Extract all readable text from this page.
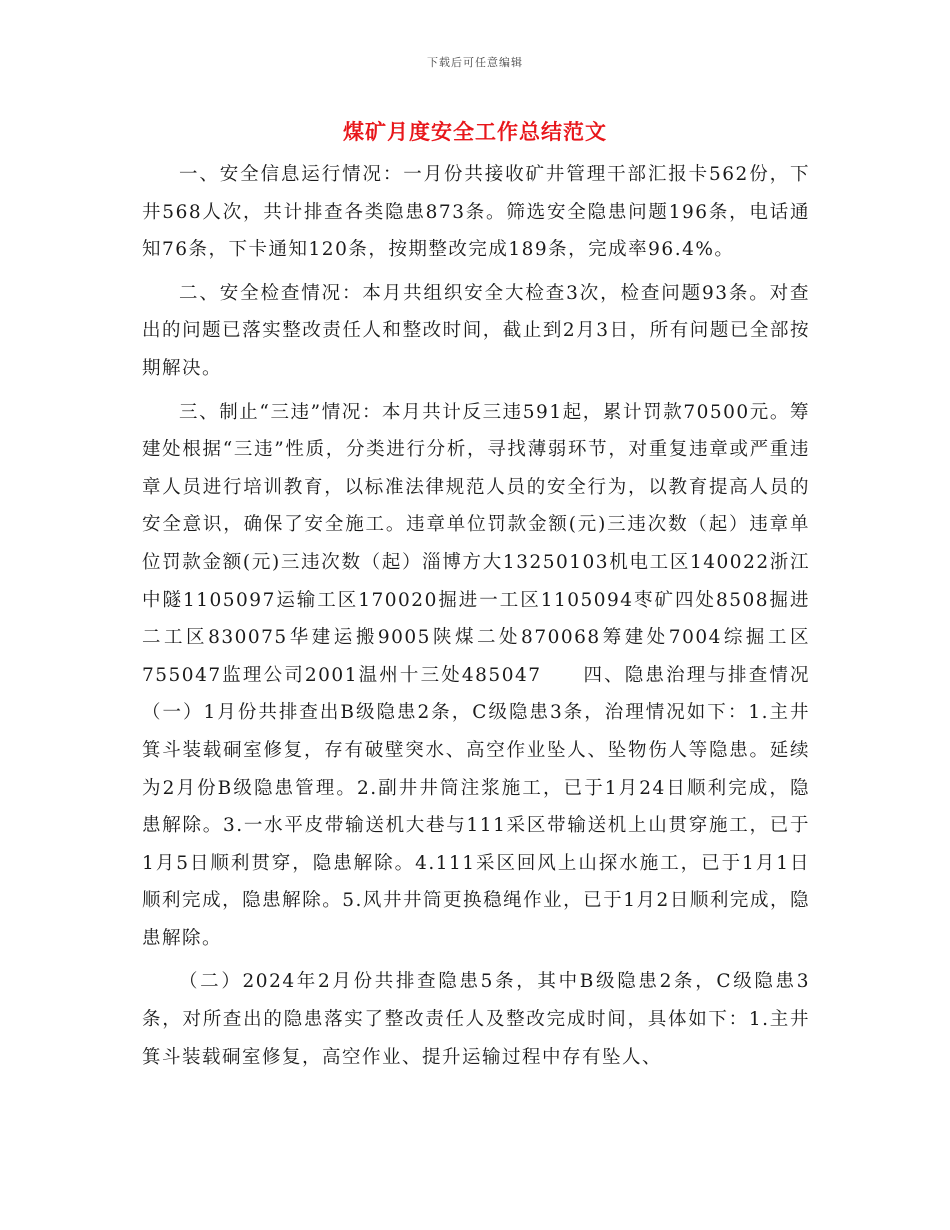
下载后可任意编辑
煤矿月度安全工作总结范文

一、安全信息运行情况：一月份共接收矿井管理干部汇报卡562份，下井568人次，共计排查各类隐患873条。筛选安全隐患问题196条，电话通知76条，下卡通知120条，按期整改完成189条，完成率96.4%。

二、安全检查情况：本月共组织安全大检查3次，检查问题93条。对查出的问题已落实整改责任人和整改时间，截止到2月3日，所有问题已全部按期解决。

三、制止“三违”情况：本月共计反三违591起，累计罚款70500元。筹建处根据“三违”性质，分类进行分析，寻找薄弱环节，对重复违章或严重违章人员进行培训教育，以标准法律规范人员的安全行为，以教育提高人员的安全意识，确保了安全施工。违章单位罚款金额(元)三违次数（起）违章单位罚款金额(元)三违次数（起）淄博方大13250103机电工区140022浙江中隧1105097运输工区170020掘进一工区1105094枣矿四处8508掘进二工区830075华建运搬9005陕煤二处870068筹建处7004综掘工区755047监理公司2001温州十三处485047　　四、隐患治理与排查情况（一）1月份共排查出B级隐患2条，C级隐患3条，治理情况如下：1.主井箕斗装载硐室修复，存有破壁突水、高空作业坠人、坠物伤人等隐患。延续为2月份B级隐患管理。2.副井井筒注浆施工，已于1月24日顺利完成，隐患解除。3.一水平皮带输送机大巷与111采区带输送机上山贯穿施工，已于1月5日顺利贯穿，隐患解除。4.111采区回风上山探水施工，已于1月1日顺利完成，隐患解除。5.风井井筒更换稳绳作业，已于1月2日顺利完成，隐患解除。

（二）2024年2月份共排查隐患5条，其中B级隐患2条，C级隐患3条，对所查出的隐患落实了整改责任人及整改完成时间，具体如下：1.主井箕斗装载硐室修复，高空作业、提升运输过程中存有坠人、
